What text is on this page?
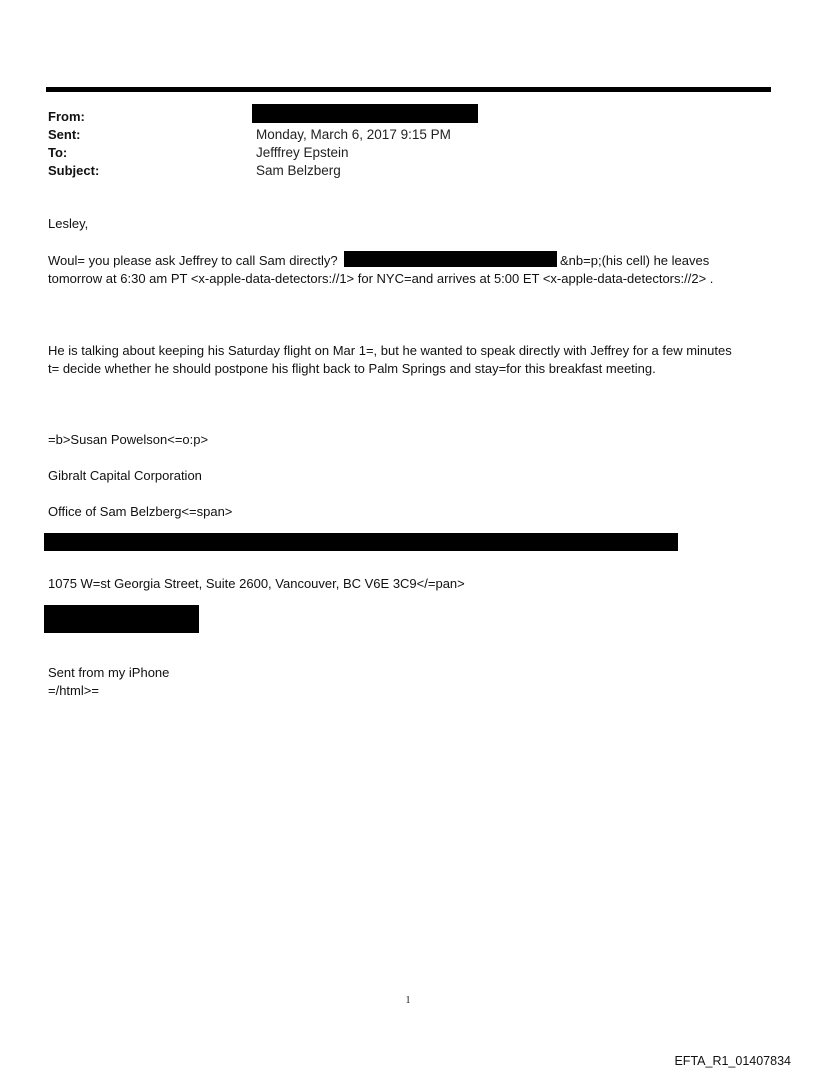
From:
Sent:	Monday, March 6, 2017 9:15 PM
To:	Jefffrey Epstein
Subject:	Sam Belzberg
Lesley,
Woul= you please ask Jeffrey to call Sam directly?	&nb=p;(his cell) he leaves
tomorrow at 6:30 am PT <x-apple-data-detectors://1> for NYC=and arrives at 5:00 ET <x-apple-data-detectors://2> .
He is talking about keeping his Saturday flight on Mar 1=, but he wanted to speak directly with Jeffrey for a few minutes
t= decide whether he should postpone his flight back to Palm Springs and stay=for this breakfast meeting.
=b>Susan Powelson<=o:p>
Gibralt Capital Corporation
Office of Sam Belzberg<=span>
1075 W=st Georgia Street, Suite 2600, Vancouver, BC V6E 3C9</=pan>
Sent from my iPhone
=/html>=
1
EFTA_R1_01407834
